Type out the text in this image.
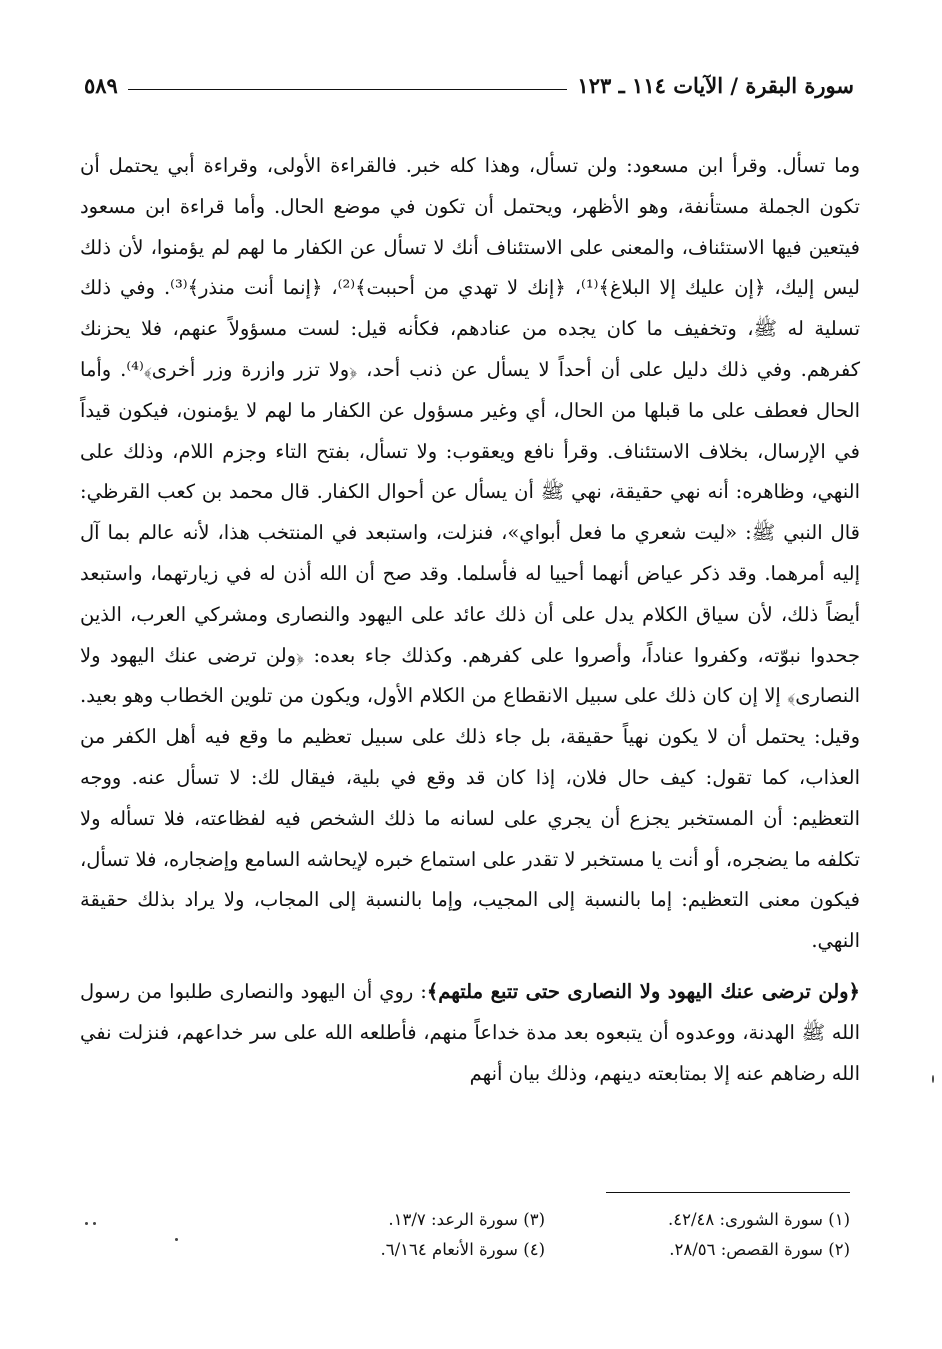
سورة البقرة / الآيات ١١٤ ـ ١٢٣
٥٨٩

وما تسأل. وقرأ ابن مسعود: ولن تسأل، وهذا كله خبر. فالقراءة الأولى، وقراءة أبي يحتمل أن تكون الجملة مستأنفة، وهو الأظهر، ويحتمل أن تكون في موضع الحال. وأما قراءة ابن مسعود فيتعين فيها الاستئناف، والمعنى على الاستئناف أنك لا تسأل عن الكفار ما لهم لم يؤمنوا، لأن ذلك ليس إليك، ﴿إن عليك إلا البلاغ﴾⁽¹⁾، ﴿إنك لا تهدي من أحببت﴾⁽²⁾، ﴿إنما أنت منذر﴾⁽³⁾. وفي ذلك تسلية له ﷺ، وتخفيف ما كان يجده من عنادهم، فكأنه قيل: لست مسؤولاً عنهم، فلا يحزنك كفرهم. وفي ذلك دليل على أن أحداً لا يسأل عن ذنب أحد، ﴿ولا تزر وازرة وزر أخرى﴾⁽⁴⁾. وأما الحال فعطف على ما قبلها من الحال، أي وغير مسؤول عن الكفار ما لهم لا يؤمنون، فيكون قيداً في الإرسال، بخلاف الاستئناف. وقرأ نافع ويعقوب: ولا تسأل، بفتح التاء وجزم اللام، وذلك على النهي، وظاهره: أنه نهي حقيقة، نهي ﷺ أن يسأل عن أحوال الكفار. قال محمد بن كعب القرظي: قال النبي ﷺ: «ليت شعري ما فعل أبواي»، فنزلت، واستبعد في المنتخب هذا، لأنه عالم بما آل إليه أمرهما. وقد ذكر عياض أنهما أحييا له فأسلما. وقد صح أن الله أذن له في زيارتهما، واستبعد أيضاً ذلك، لأن سياق الكلام يدل على أن ذلك عائد على اليهود والنصارى ومشركي العرب، الذين جحدوا نبوّته، وكفروا عناداً، وأصروا على كفرهم. وكذلك جاء بعده: ﴿ولن ترضى عنك اليهود ولا النصارى﴾ إلا إن كان ذلك على سبيل الانقطاع من الكلام الأول، ويكون من تلوين الخطاب وهو بعيد. وقيل: يحتمل أن لا يكون نهياً حقيقة، بل جاء ذلك على سبيل تعظيم ما وقع فيه أهل الكفر من العذاب، كما تقول: كيف حال فلان، إذا كان قد وقع في بلية، فيقال لك: لا تسأل عنه. ووجه التعظيم: أن المستخبر يجزع أن يجري على لسانه ما ذلك الشخص فيه لفظاعته، فلا تسأله ولا تكلفه ما يضجره، أو أنت يا مستخبر لا تقدر على استماع خبره لإيحاشه السامع وإضجاره، فلا تسأل، فيكون معنى التعظيم: إما بالنسبة إلى المجيب، وإما بالنسبة إلى المجاب، ولا يراد بذلك حقيقة النهي.

﴿ولن ترضى عنك اليهود ولا النصارى حتى تتبع ملتهم﴾: روي أن اليهود والنصارى طلبوا من رسول الله ﷺ الهدنة، ووعدوه أن يتبعوه بعد مدة خداعاً منهم، فأطلعه الله على سر خداعهم، فنزلت نفي الله رضاهم عنه إلا بمتابعته دينهم، وذلك بيان أنهم

(١) سورة الشورى: ٤٢/٤٨.
(٣) سورة الرعد: ١٣/٧.
(٢) سورة القصص: ٢٨/٥٦.
(٤) سورة الأنعام ٦/١٦٤.
